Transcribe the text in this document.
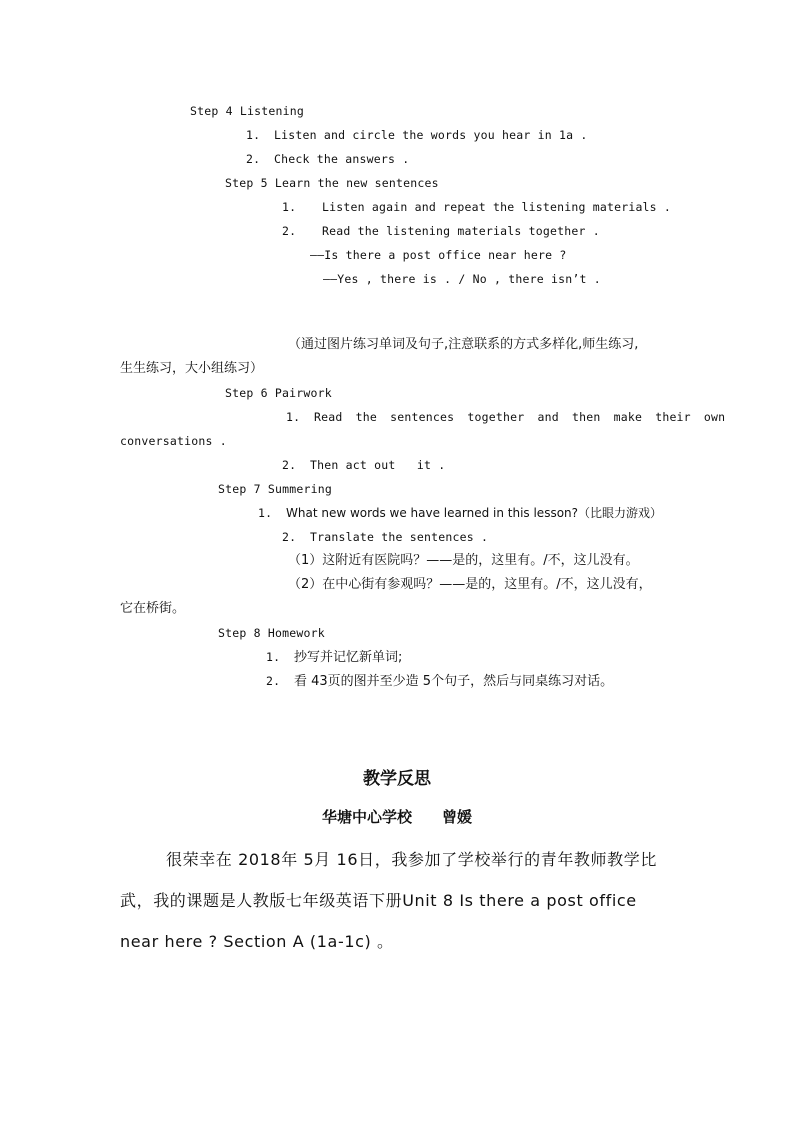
Step 4 Listening
1. Listen and circle the words you hear in 1a .
2. Check the answers .
Step 5 Learn the new sentences
1. Listen again and repeat the listening materials .
2. Read the listening materials together .
——Is there a post office near here ?
——Yes , there is . / No , there isn’t .
（通过图片练习单词及句子,注意联系的方式多样化,师生练习,
生生练习，大小组练习）
Step 6 Pairwork
1. Read the sentences together and then make their own
conversations .
2. Then act out   it .
Step 7 Summering
1. What new words we have learned in this lesson?（比眼力游戏）
2. Translate the sentences .
（1）这附近有医院吗？——是的，这里有。/不，这儿没有。
（2）在中心街有参观吗？——是的，这里有。/不，这儿没有，
它在桥街。
Step 8 Homework
1. 抄写并记忆新单词;
2. 看 43页的图并至少造 5个句子，然后与同桌练习对话。
教学反思
华塘中心学校　　曾媛

很荣幸在 2018年 5月 16日，我参加了学校举行的青年教师教学比武，我的课题是人教版七年级英语下册Unit 8 Is there a post office near here ? Section A (1a-1c) 。
